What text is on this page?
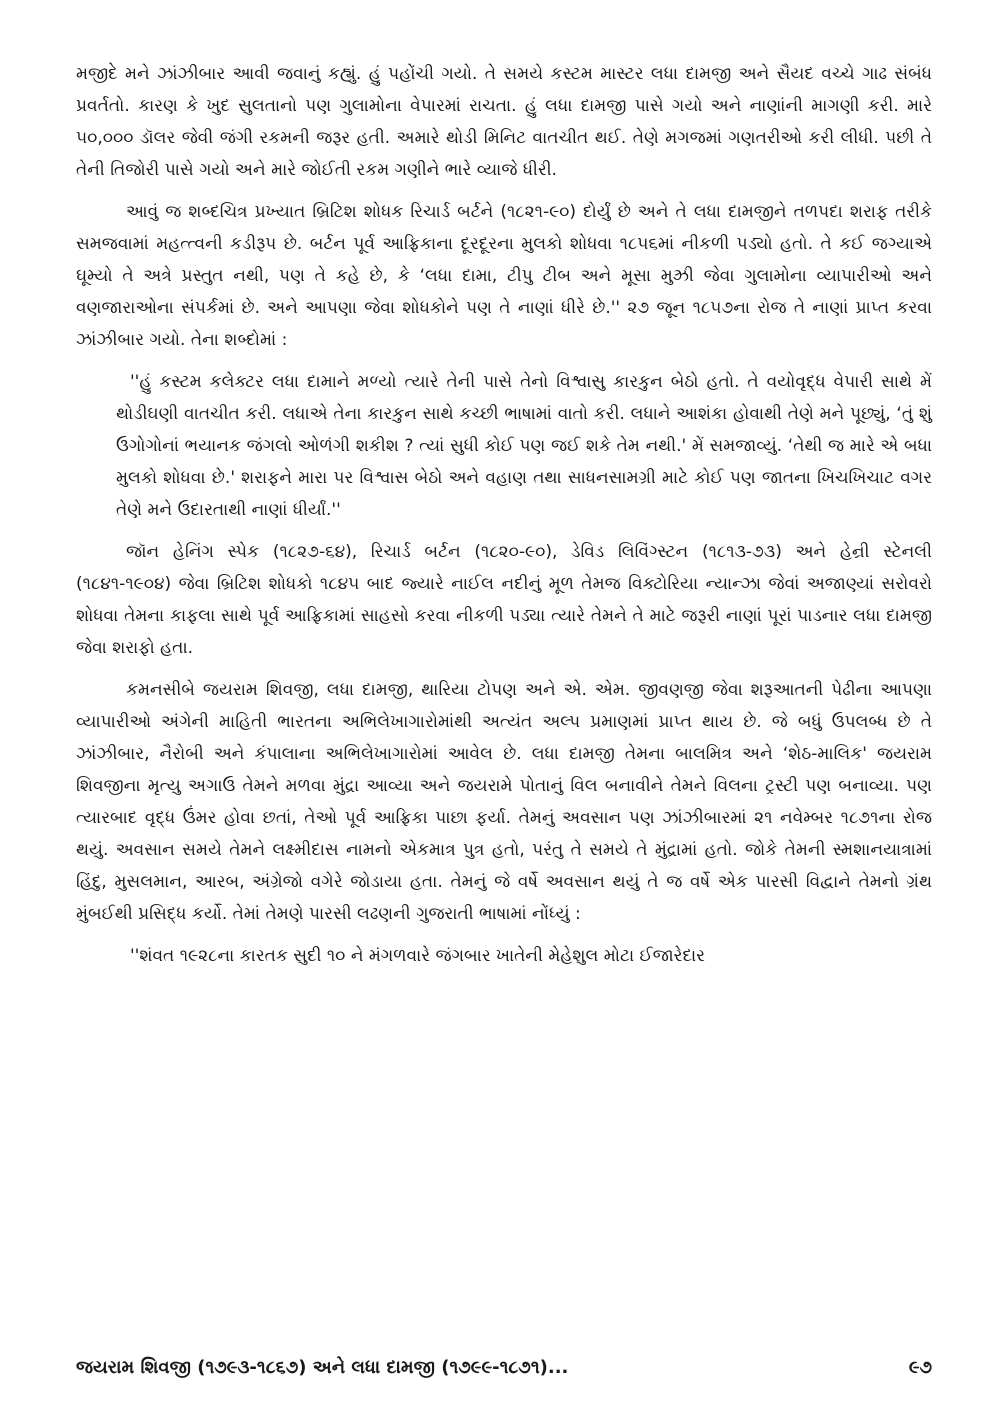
મજીદે મને ઝાંઝીબાર આવી જવાનું કહ્યું. હું પહોંચી ગયો. તે સમયે કસ્ટમ માસ્ટર લધા દામજી અને સૈયદ વચ્ચે ગાઢ સંબંધ પ્રવર્તતો. કારણ કે ખુદ સુલતાનો પણ ગુલામોના વેપારમાં રાચતા. હું લધા દામજી પાસે ગયો અને નાણાંની માગણી કરી. મારે ૫૦,૦૦૦ ડૉલર જેવી જંગી રકમની જરૂર હતી. અમારે થોડી મિનિટ વાતચીત થઈ. તેણે મગજમાં ગણતરીઓ કરી લીધી. પછી તે તેની તિજોરી પાસે ગયો અને મારે જોઈતી રકમ ગણીને ભારે વ્યાજે ધીરી.

આવું જ શબ્દચિત્ર પ્રખ્યાત બ્રિટિશ શોધક રિચાર્ડ બર્ટને (૧૮૨૧-૯૦) દોર્યું છે અને તે લધા દામજીને તળપદા શરાફ તરીકે સમજવામાં મહત્ત્વની કડીરૂપ છે. બર્ટન પૂર્વ આફ્રિકાના દૂરદૂરના મુલકો શોધવા ૧૮૫૬માં નીકળી પડ્યો હતો. તે કઈ જગ્યાએ ઘૂમ્યો તે અત્રે પ્રસ્તુત નથી, પણ તે કહે છે, કે ‘લધા દામા, ટીપુ ટીબ અને મૂસા મુઝ્રી જેવા ગુલામોના વ્યાપારીઓ અને વણજારાઓના સંપર્કમાં છે. અને આપણા જેવા શોધકોને પણ તે નાણાં ધીરે છે.'' ૨૭ જૂન ૧૮૫૭ના રોજ તે નાણાં પ્રાપ્ત કરવા ઝાંઝીબાર ગયો. તેના શબ્દોમાં :

''હું કસ્ટમ કલેક્ટર લધા દામાને મળ્યો ત્યારે તેની પાસે તેનો વિશ્વાસુ કારકુન બેઠો હતો. તે વયોવૃદ્ધ વેપારી સાથે મેં થોડીઘણી વાતચીત કરી. લધાએ તેના કારકુન સાથે કચ્છી ભાષામાં વાતો કરી. લધાને આશંકા હોવાથી તેણે મને પૂછ્યું, ‘તું શું ઉગોગોનાં ભયાનક જંગલો ઓળંગી શકીશ ? ત્યાં સુધી કોઈ પણ જઈ શકે તેમ નથી.' મેં સમજાવ્યું. ‘તેથી જ મારે એ બધા મુલકો શોધવા છે.' શરાફને મારા પર વિશ્વાસ બેઠો અને વહાણ તથા સાધનસામગ્રી માટે કોઈ પણ જાતના ખિચખિચાટ વગર તેણે મને ઉદારતાથી નાણાં ધીર્યાં.''

જૉન હેનિંગ સ્પેક (૧૮૨૭-૬૪), રિચાર્ડ બર્ટન (૧૮૨૦-૯૦), ડેવિડ લિવિંગ્સ્ટન (૧૮૧૩-૭૩) અને હેન્રી સ્ટેનલી (૧૮૪૧-૧૯૦૪) જેવા બ્રિટિશ શોધકો ૧૮૪૫ બાદ જ્યારે નાઈલ નદીનું મૂળ તેમજ વિક્ટોરિયા ન્યાન્ઝા જેવાં અજાણ્યાં સરોવરો શોધવા તેમના કાફલા સાથે પૂર્વ આફ્રિકામાં સાહસો કરવા નીકળી પડ્યા ત્યારે તેમને તે માટે જરૂરી નાણાં પૂરાં પાડનાર લધા દામજી જેવા શરાફો હતા.

કમનસીબે જયરામ શિવજી, લધા દામજી, થારિયા ટોપણ અને એ. એમ. જીવણજી જેવા શરૂઆતની પેઢીના આપણા વ્યાપારીઓ અંગેની માહિતી ભારતના અભિલેખાગારોમાંથી અત્યંત અલ્પ પ્રમાણમાં પ્રાપ્ત થાય છે. જે બધું ઉપલબ્ધ છે તે ઝાંઝીબાર, નૈરોબી અને કંપાલાના અભિલેખાગારોમાં આવેલ છે. લધા દામજી તેમના બાલમિત્ર અને ‘શેઠ-માલિક' જયરામ શિવજીના મૃત્યુ અગાઉ તેમને મળવા મુંદ્રા આવ્યા અને જયરામે પોતાનું વિલ બનાવીને તેમને વિલના ટ્રસ્ટી પણ બનાવ્યા. પણ ત્યારબાદ વૃદ્ધ ઉંમર હોવા છતાં, તેઓ પૂર્વ આફ્રિકા પાછા ફર્યા. તેમનું અવસાન પણ ઝાંઝીબારમાં ૨૧ નવેમ્બર ૧૮૭૧ના રોજ થયું. અવસાન સમયે તેમને લક્ષ્મીદાસ નામનો એકમાત્ર પુત્ર હતો, પરંતુ તે સમયે તે મુંદ્રામાં હતો. જોકે તેમની સ્મશાનયાત્રામાં હિંદુ, મુસલમાન, આરબ, અંગ્રેજો વગેરે જોડાયા હતા. તેમનું જે વર્ષે અવસાન થયું તે જ વર્ષે એક પારસી વિદ્વાને તેમનો ગ્રંથ મુંબઈથી પ્રસિદ્ધ કર્યો. તેમાં તેમણે પારસી લઢણની ગુજરાતી ભાષામાં નોંધ્યું :

''શંવત ૧૯૨૮ના કારતક સુદી ૧૦ ને મંગળવારે જંગબાર ખાતેની મેહેશુલ મોટા ઈજારેદાર

જયરામ શિવજી (૧૭૯૩-૧૮૬૭) અને લધા દામજી (૧૭૯૯-૧૮૭૧)...	૯૭
